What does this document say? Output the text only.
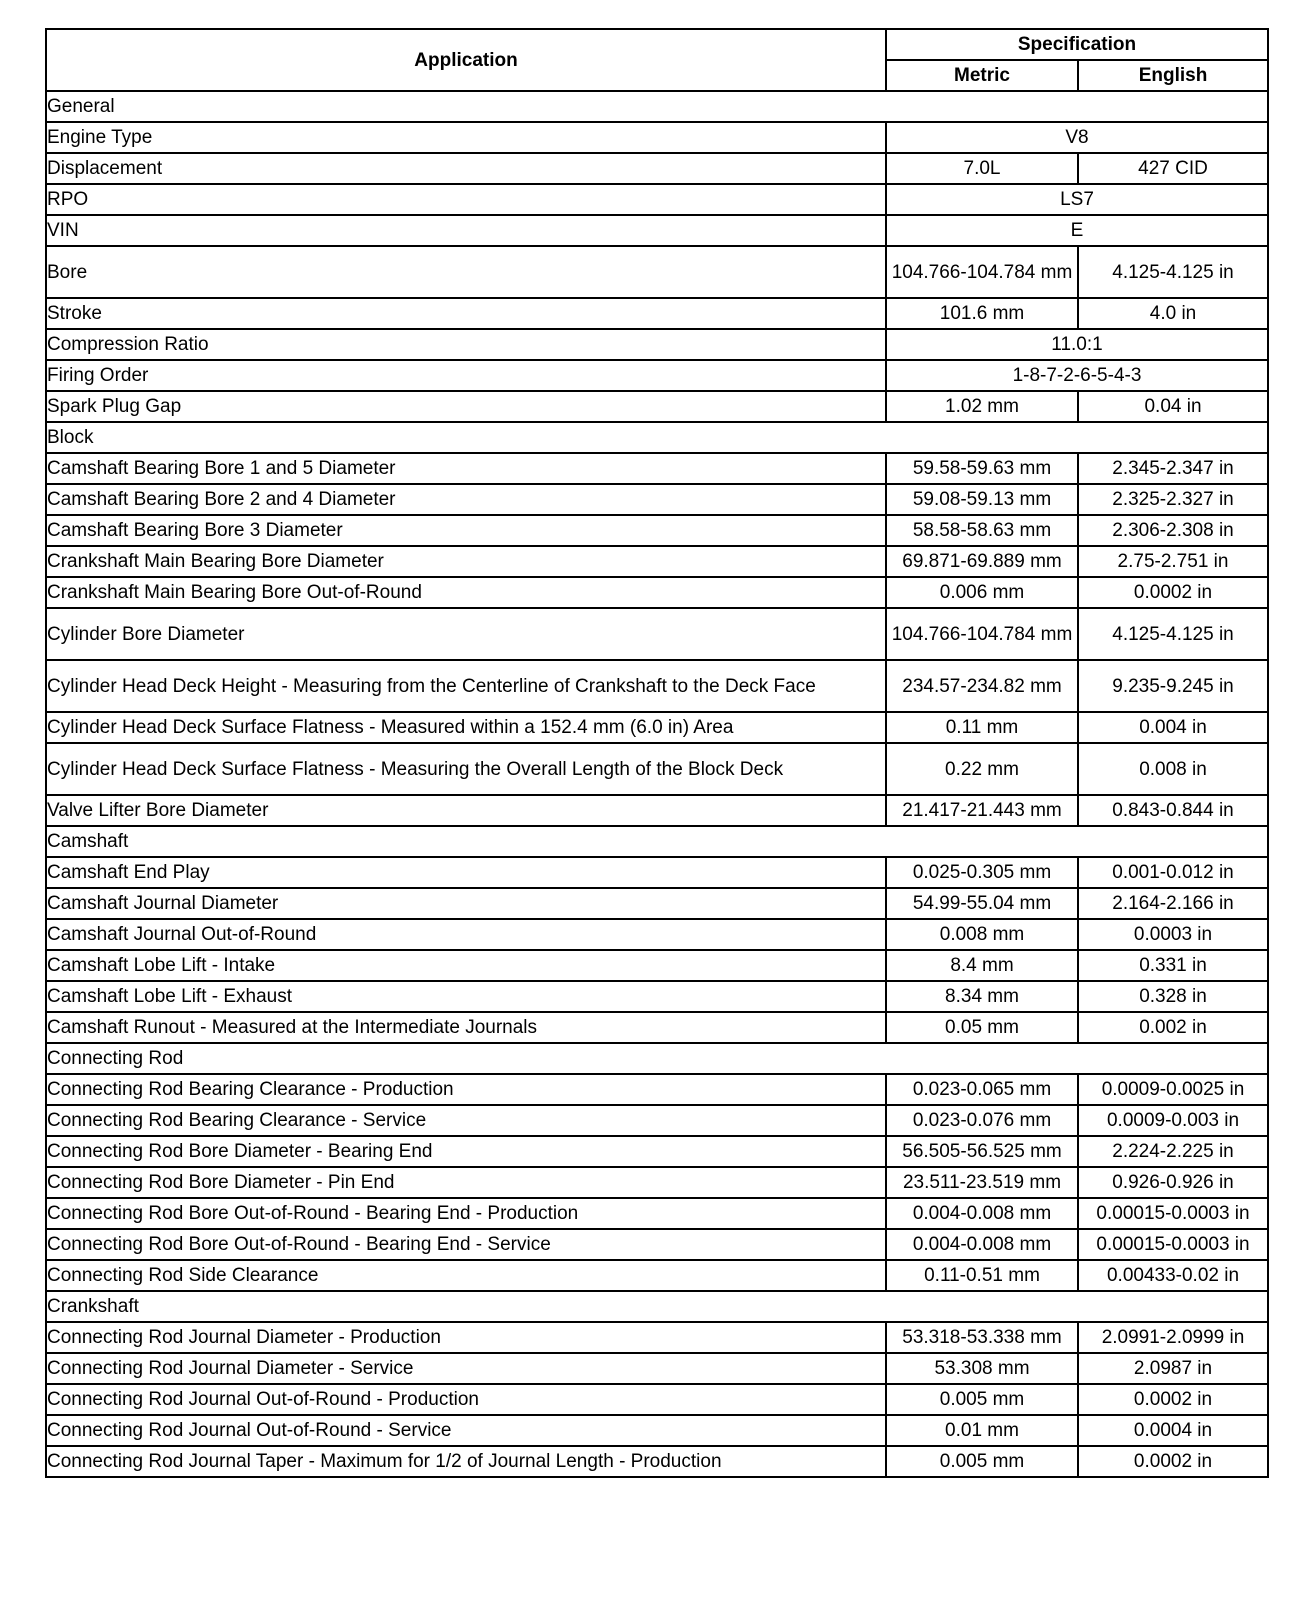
Application	Specification	
	Metric	English
General		
Engine Type	V8	
Displacement	7.0L	427 CID
RPO	LS7	
VIN	E	
Bore	104.766-104.784 mm	4.125-4.125 in
Stroke	101.6 mm	4.0 in
Compression Ratio	11.0:1	
Firing Order	1-8-7-2-6-5-4-3	
Spark Plug Gap	1.02 mm	0.04 in
Block		
Camshaft Bearing Bore 1 and 5 Diameter	59.58-59.63 mm	2.345-2.347 in
Camshaft Bearing Bore 2 and 4 Diameter	59.08-59.13 mm	2.325-2.327 in
Camshaft Bearing Bore 3 Diameter	58.58-58.63 mm	2.306-2.308 in
Crankshaft Main Bearing Bore Diameter	69.871-69.889 mm	2.75-2.751 in
Crankshaft Main Bearing Bore Out-of-Round	0.006 mm	0.0002 in
Cylinder Bore Diameter	104.766-104.784 mm	4.125-4.125 in
Cylinder Head Deck Height - Measuring from the Centerline of Crankshaft to the Deck Face	234.57-234.82 mm	9.235-9.245 in
Cylinder Head Deck Surface Flatness - Measured within a 152.4 mm (6.0 in) Area	0.11 mm	0.004 in
Cylinder Head Deck Surface Flatness - Measuring the Overall Length of the Block Deck	0.22 mm	0.008 in
Valve Lifter Bore Diameter	21.417-21.443 mm	0.843-0.844 in
Camshaft		
Camshaft End Play	0.025-0.305 mm	0.001-0.012 in
Camshaft Journal Diameter	54.99-55.04 mm	2.164-2.166 in
Camshaft Journal Out-of-Round	0.008 mm	0.0003 in
Camshaft Lobe Lift - Intake	8.4 mm	0.331 in
Camshaft Lobe Lift - Exhaust	8.34 mm	0.328 in
Camshaft Runout - Measured at the Intermediate Journals	0.05 mm	0.002 in
Connecting Rod		
Connecting Rod Bearing Clearance - Production	0.023-0.065 mm	0.0009-0.0025 in
Connecting Rod Bearing Clearance - Service	0.023-0.076 mm	0.0009-0.003 in
Connecting Rod Bore Diameter - Bearing End	56.505-56.525 mm	2.224-2.225 in
Connecting Rod Bore Diameter - Pin End	23.511-23.519 mm	0.926-0.926 in
Connecting Rod Bore Out-of-Round - Bearing End - Production	0.004-0.008 mm	0.00015-0.0003 in
Connecting Rod Bore Out-of-Round - Bearing End - Service	0.004-0.008 mm	0.00015-0.0003 in
Connecting Rod Side Clearance	0.11-0.51 mm	0.00433-0.02 in
Crankshaft		
Connecting Rod Journal Diameter - Production	53.318-53.338 mm	2.0991-2.0999 in
Connecting Rod Journal Diameter - Service	53.308 mm	2.0987 in
Connecting Rod Journal Out-of-Round - Production	0.005 mm	0.0002 in
Connecting Rod Journal Out-of-Round - Service	0.01 mm	0.0004 in
Connecting Rod Journal Taper - Maximum for 1/2 of Journal Length - Production	0.005 mm	0.0002 in
